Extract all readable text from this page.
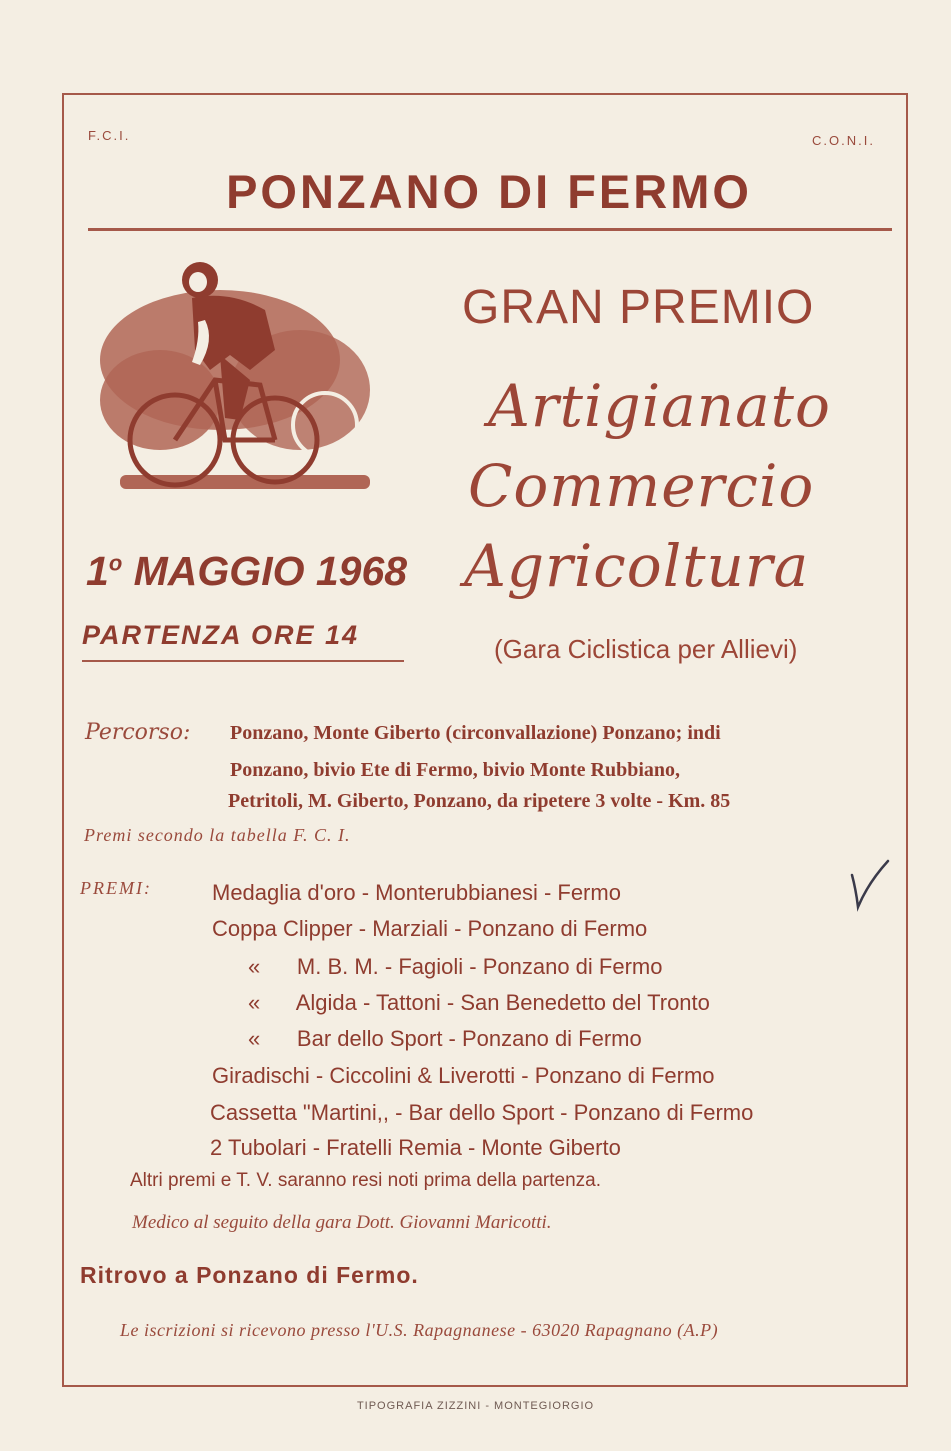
F.C.I.	C.O.N.I.
PONZANO DI FERMO
GRAN PREMIO
Artigianato
Commercio
Agricoltura
(Gara Ciclistica per Allievi)
1$^o$ MAGGIO 1968
PARTENZA ORE 14
Percorso: Ponzano, Monte Giberto (circonvallazione) Ponzano; indi
Ponzano, bivio Ete di Fermo, bivio Monte Rubbiano,
Petritoli, M. Giberto, Ponzano, da ripetere 3 volte - Km. 85
Premi secondo la tabella F. C. I.
PREMI:	Medaglia d'oro - Monterubbianesi - Fermo
Coppa Clipper - Marziali - Ponzano di Fermo
«      M. B. M. - Fagioli - Ponzano di Fermo
«      Algida - Tattoni - San Benedetto del Tronto
«      Bar dello Sport - Ponzano di Fermo
Giradischi - Ciccolini & Liverotti - Ponzano di Fermo
Cassetta "Martini,, - Bar dello Sport - Ponzano di Fermo
2 Tubolari - Fratelli Remia - Monte Giberto
Altri premi e T. V. saranno resi noti prima della partenza.
Medico al seguito della gara Dott. Giovanni Maricotti.
Ritrovo a Ponzano di Fermo.
Le iscrizioni si ricevono presso l'U.S. Rapagnanese - 63020 Rapagnano (A.P)
TIPOGRAFIA ZIZZINI - MONTEGIORGIO
